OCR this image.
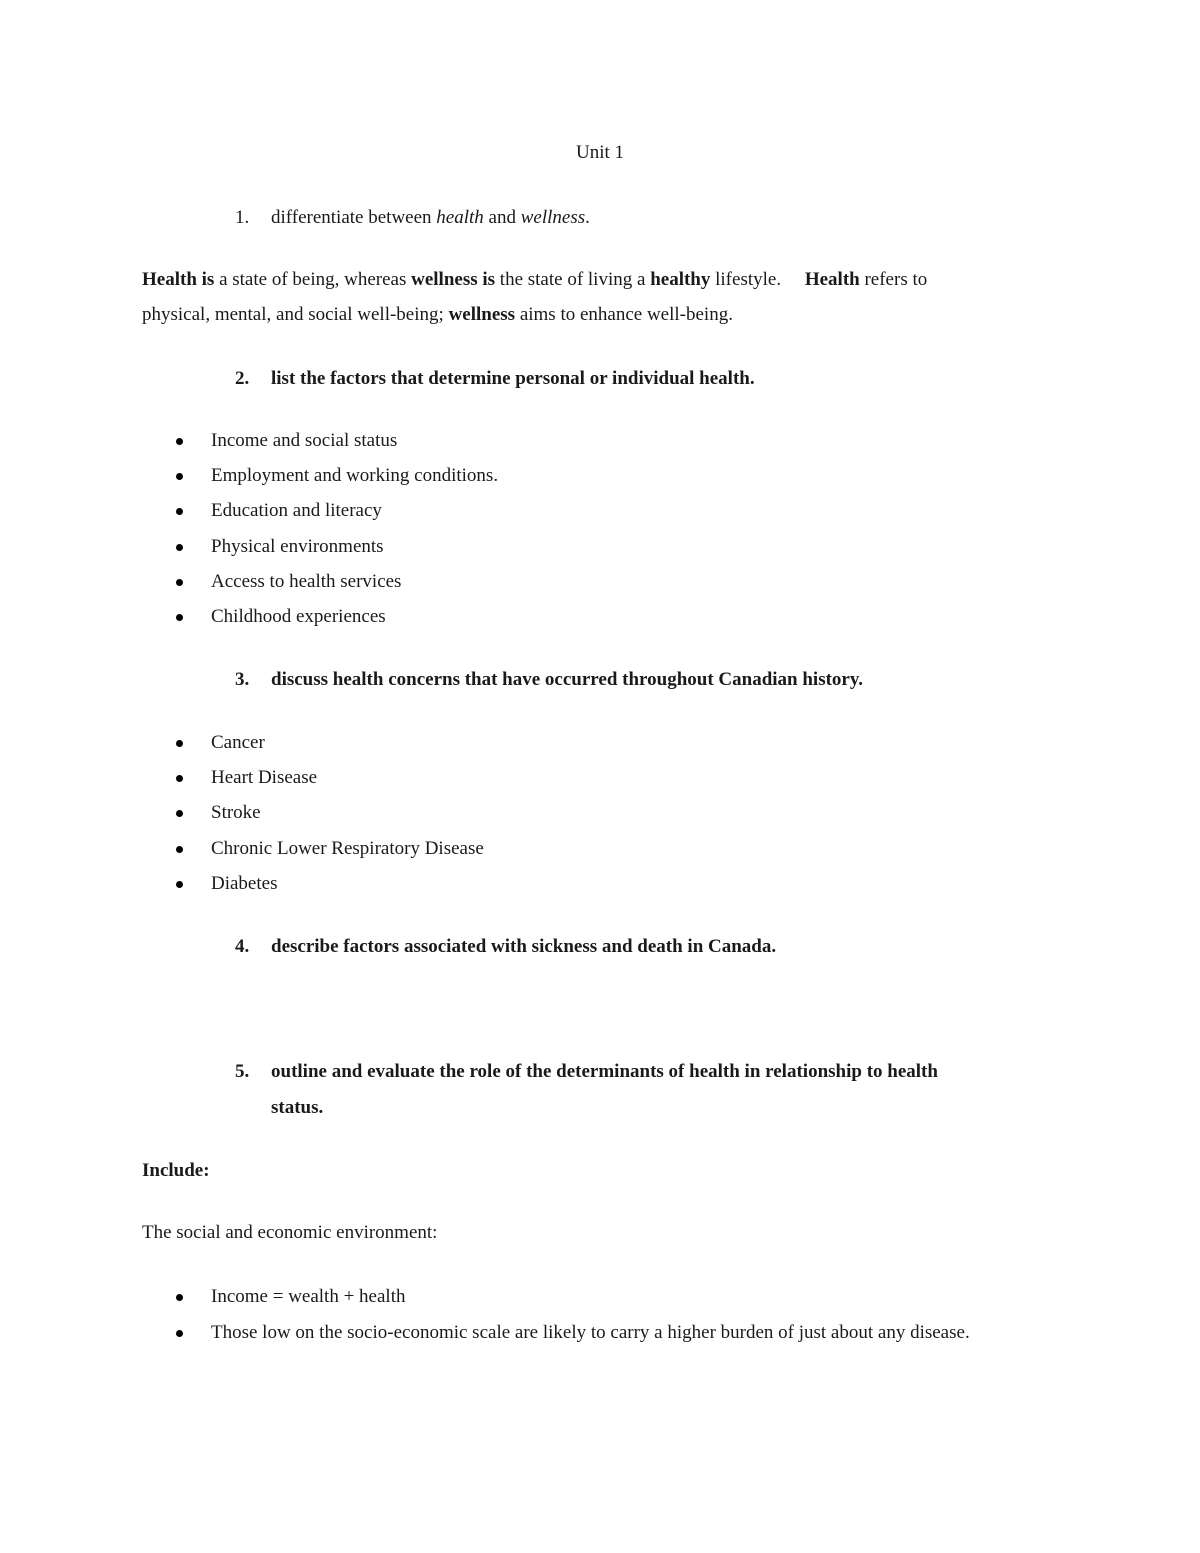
Unit 1
1. differentiate between health and wellness.
Health is a state of being, whereas wellness is the state of living a healthy lifestyle.     Health refers to
physical, mental, and social well-being; wellness aims to enhance well-being.
2. list the factors that determine personal or individual health.
Income and social status
Employment and working conditions.
Education and literacy
Physical environments
Access to health services
Childhood experiences
3. discuss health concerns that have occurred throughout Canadian history.
Cancer
Heart Disease
Stroke
Chronic Lower Respiratory Disease
Diabetes
4. describe factors associated with sickness and death in Canada.
5. outline and evaluate the role of the determinants of health in relationship to health
status.
Include:
The social and economic environment:
Income = wealth + health
Those low on the socio-economic scale are likely to carry a higher burden of just about any disease.
